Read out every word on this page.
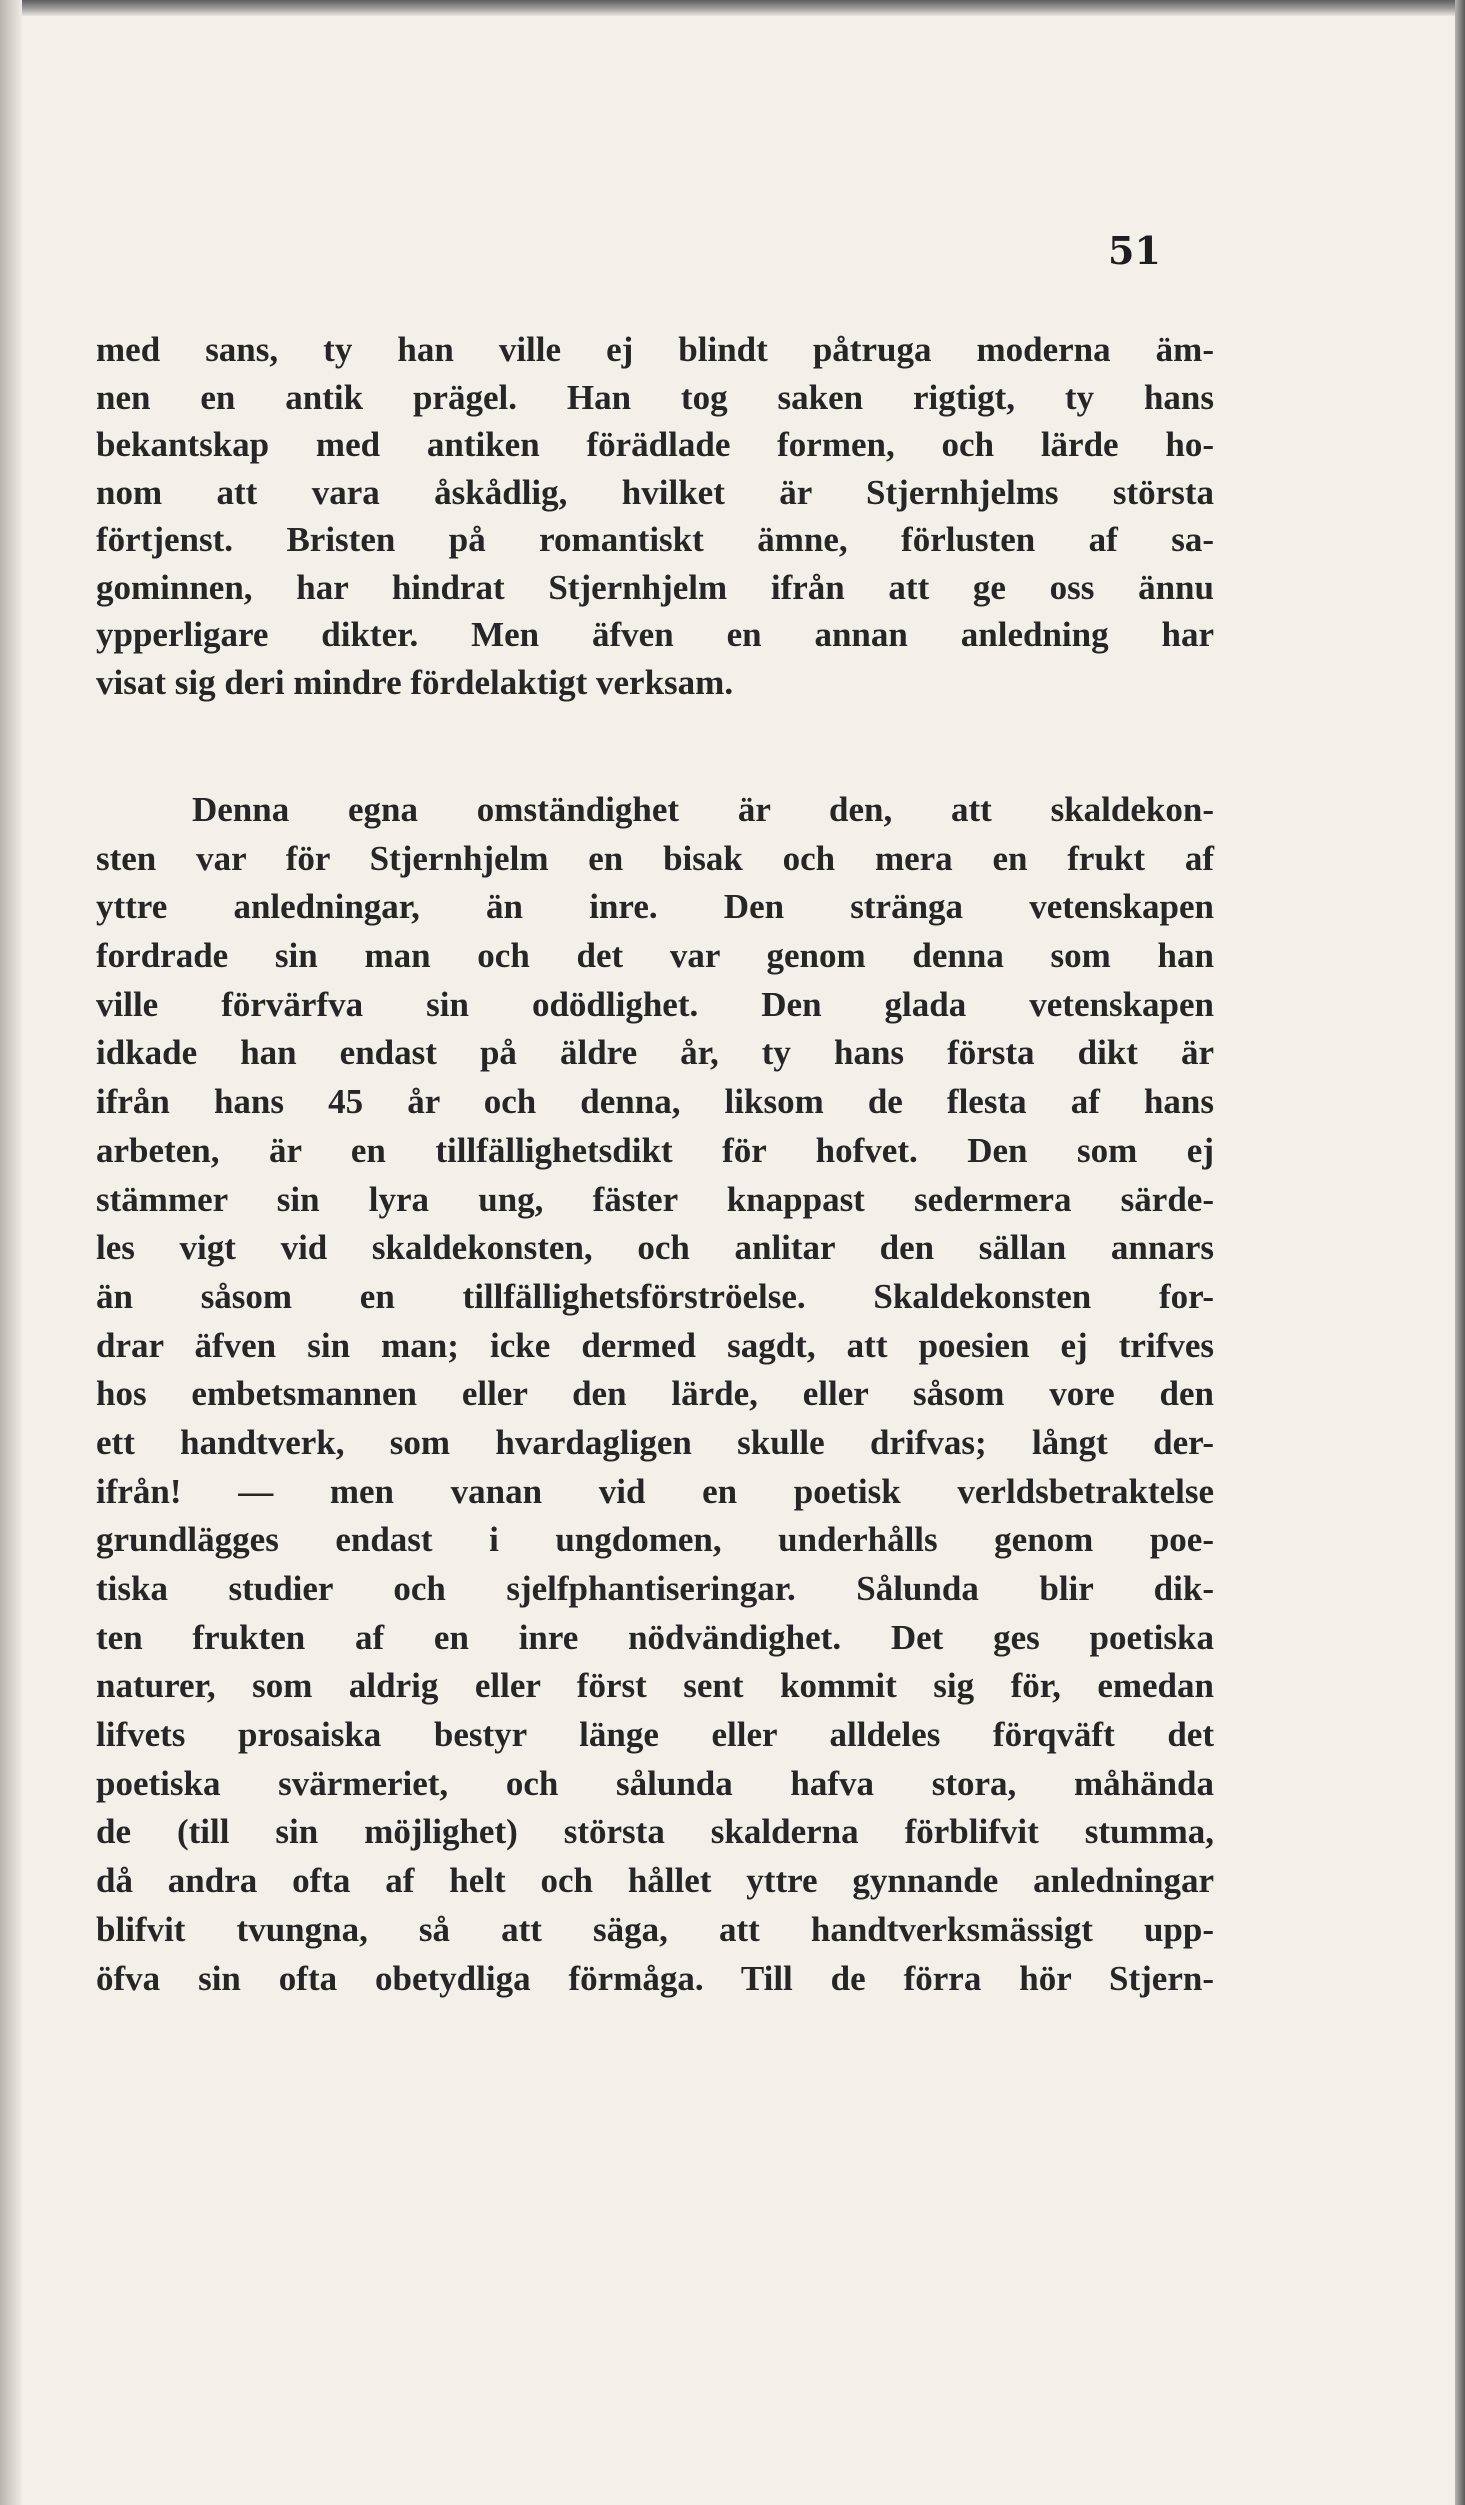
51
med sans, ty han ville ej blindt påtruga moderna äm-
nen en antik prägel. Han tog saken rigtigt, ty hans
bekantskap med antiken förädlade formen, och lärde ho-
nom att vara åskådlig, hvilket är Stjernhjelms största
förtjenst. Bristen på romantiskt ämne, förlusten af sa-
gominnen, har hindrat Stjernhjelm ifrån att ge oss ännu
ypperligare dikter. Men äfven en annan anledning har
visat sig deri mindre fördelaktigt verksam.
Denna egna omständighet är den, att skaldekon-
sten var för Stjernhjelm en bisak och mera en frukt af
yttre anledningar, än inre. Den stränga vetenskapen
fordrade sin man och det var genom denna som han
ville förvärfva sin odödlighet. Den glada vetenskapen
idkade han endast på äldre år, ty hans första dikt är
ifrån hans 45 år och denna, liksom de flesta af hans
arbeten, är en tillfällighetsdikt för hofvet. Den som ej
stämmer sin lyra ung, fäster knappast sedermera särde-
les vigt vid skaldekonsten, och anlitar den sällan annars
än såsom en tillfällighetsförströelse. Skaldekonsten for-
drar äfven sin man; icke dermed sagdt, att poesien ej trifves
hos embetsmannen eller den lärde, eller såsom vore den
ett handtverk, som hvardagligen skulle drifvas; långt der-
ifrån! — men vanan vid en poetisk verldsbetraktelse
grundlägges endast i ungdomen, underhålls genom poe-
tiska studier och sjelfphantiseringar. Sålunda blir dik-
ten frukten af en inre nödvändighet. Det ges poetiska
naturer, som aldrig eller först sent kommit sig för, emedan
lifvets prosaiska bestyr länge eller alldeles förqväft det
poetiska svärmeriet, och sålunda hafva stora, måhända
de (till sin möjlighet) största skalderna förblifvit stumma,
då andra ofta af helt och hållet yttre gynnande anledningar
blifvit tvungna, så att säga, att handtverksmässigt upp-
öfva sin ofta obetydliga förmåga. Till de förra hör Stjern-
